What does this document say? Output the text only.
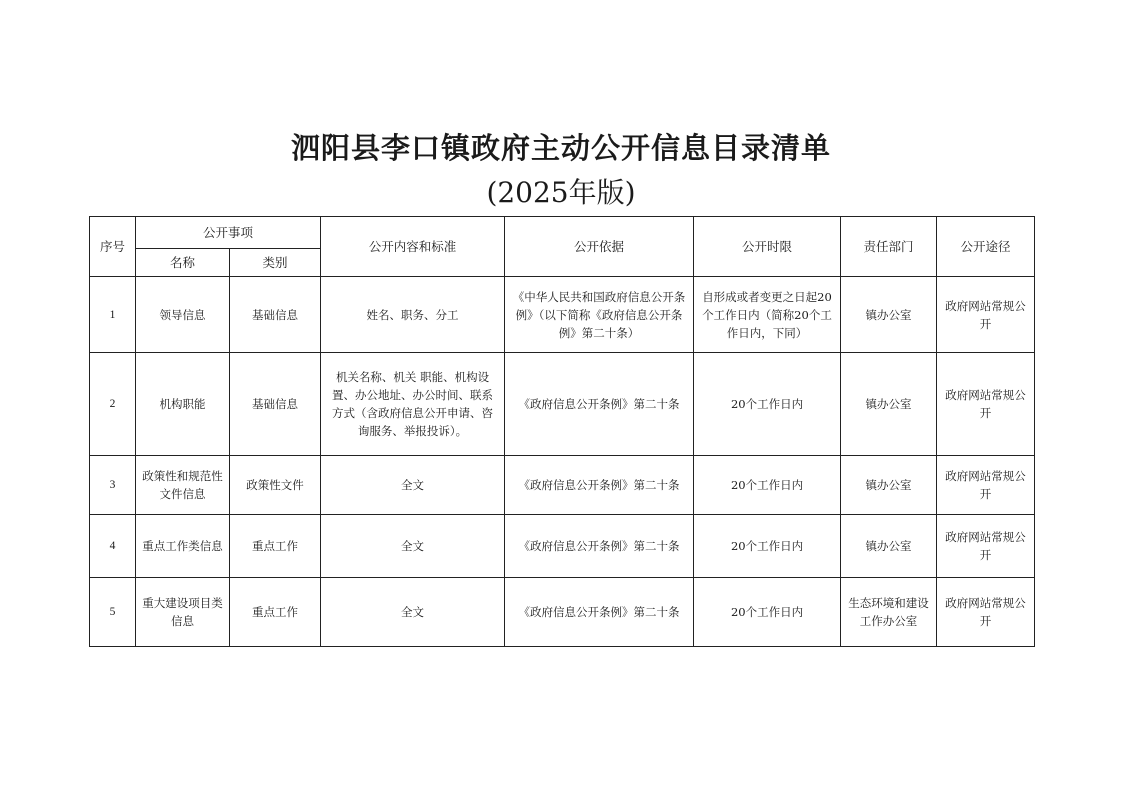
泗阳县李口镇政府主动公开信息目录清单
(2025年版)
序号	公开事项		公开内容和标准	公开依据	公开时限	责任部门	公开途径
	名称	类别					
1	领导信息	基础信息	姓名、职务、分工	《中华人民共和国政府信息公开条例》（以下简称《政府信息公开条例》第二十条）	自形成或者变更之日起20个工作日内（简称20个工作日内，下同）	镇办公室	政府网站常规公开
2	机构职能	基础信息	机关名称、机关 职能、机构设置、办公地址、办公时间、联系方式（含政府信息公开申请、咨询服务、举报投诉）。	《政府信息公开条例》第二十条	20个工作日内	镇办公室	政府网站常规公开
3	政策性和规范性文件信息	政策性文件	全文	《政府信息公开条例》第二十条	20个工作日内	镇办公室	政府网站常规公开
4	重点工作类信息	重点工作	全文	《政府信息公开条例》第二十条	20个工作日内	镇办公室	政府网站常规公开
5	重大建设项目类信息	重点工作	全文	《政府信息公开条例》第二十条	20个工作日内	生态环境和建设工作办公室	政府网站常规公开
